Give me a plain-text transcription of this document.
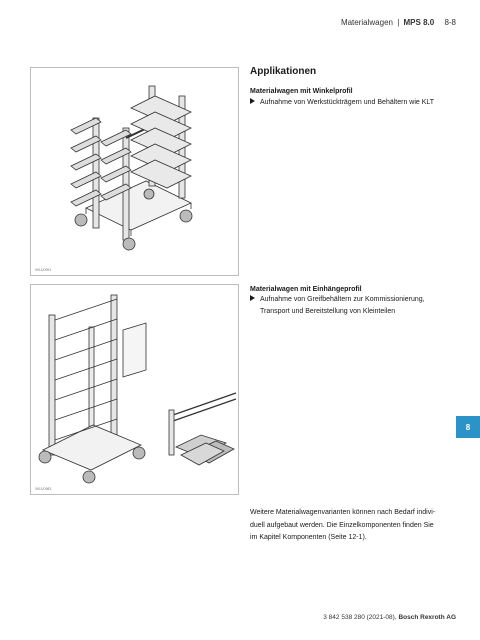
Materialwagen | MPS 8.0 8-8
0911/0991
0911/0983
Applikationen
Materialwagen mit Winkelprofil
Aufnahme von Werkstückträgern und Behältern wie KLT
Materialwagen mit Einhängeprofil
Aufnahme von Greifbehältern zur Kommissionierung,
Transport und Bereitstellung von Kleinteilen
Weitere Materialwagenvarianten können nach Bedarf indivi-
duell aufgebaut werden. Die Einzelkomponenten finden Sie
im Kapitel Komponenten (Seite 12-1).
8
3 842 538 280 (2021-08), Bosch Rexroth AG
